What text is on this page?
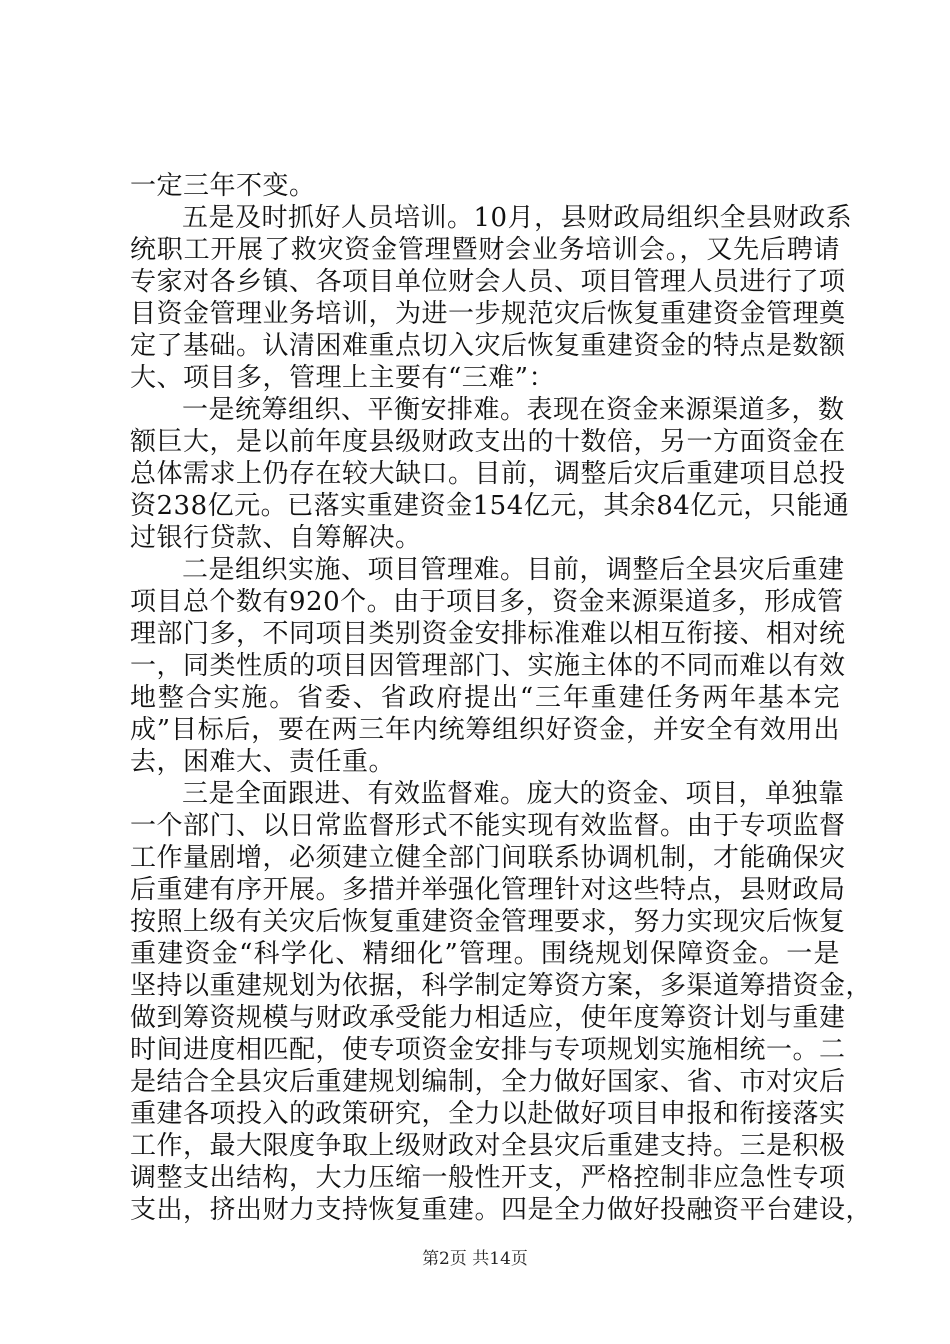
一定三年不变。
五是及时抓好人员培训。10月，县财政局组织全县财政系
统职工开展了救灾资金管理暨财会业务培训会。，又先后聘请
专家对各乡镇、各项目单位财会人员、项目管理人员进行了项
目资金管理业务培训，为进一步规范灾后恢复重建资金管理奠
定了基础。认清困难重点切入灾后恢复重建资金的特点是数额
大、项目多，管理上主要有“三难”：
一是统筹组织、平衡安排难。表现在资金来源渠道多，数
额巨大，是以前年度县级财政支出的十数倍，另一方面资金在
总体需求上仍存在较大缺口。目前，调整后灾后重建项目总投
资238亿元。已落实重建资金154亿元，其余84亿元，只能通
过银行贷款、自筹解决。
二是组织实施、项目管理难。目前，调整后全县灾后重建
项目总个数有920个。由于项目多，资金来源渠道多，形成管
理部门多，不同项目类别资金安排标准难以相互衔接、相对统
一，同类性质的项目因管理部门、实施主体的不同而难以有效
地整合实施。省委、省政府提出“三年重建任务两年基本完
成”目标后，要在两三年内统筹组织好资金，并安全有效用出
去，困难大、责任重。
三是全面跟进、有效监督难。庞大的资金、项目，单独靠
一个部门、以日常监督形式不能实现有效监督。由于专项监督
工作量剧增，必须建立健全部门间联系协调机制，才能确保灾
后重建有序开展。多措并举强化管理针对这些特点，县财政局
按照上级有关灾后恢复重建资金管理要求，努力实现灾后恢复
重建资金“科学化、精细化”管理。围绕规划保障资金。一是
坚持以重建规划为依据，科学制定筹资方案，多渠道筹措资金，
做到筹资规模与财政承受能力相适应，使年度筹资计划与重建
时间进度相匹配，使专项资金安排与专项规划实施相统一。二
是结合全县灾后重建规划编制，全力做好国家、省、市对灾后
重建各项投入的政策研究，全力以赴做好项目申报和衔接落实
工作，最大限度争取上级财政对全县灾后重建支持。三是积极
调整支出结构，大力压缩一般性开支，严格控制非应急性专项
支出，挤出财力支持恢复重建。四是全力做好投融资平台建设，
第2页 共14页
